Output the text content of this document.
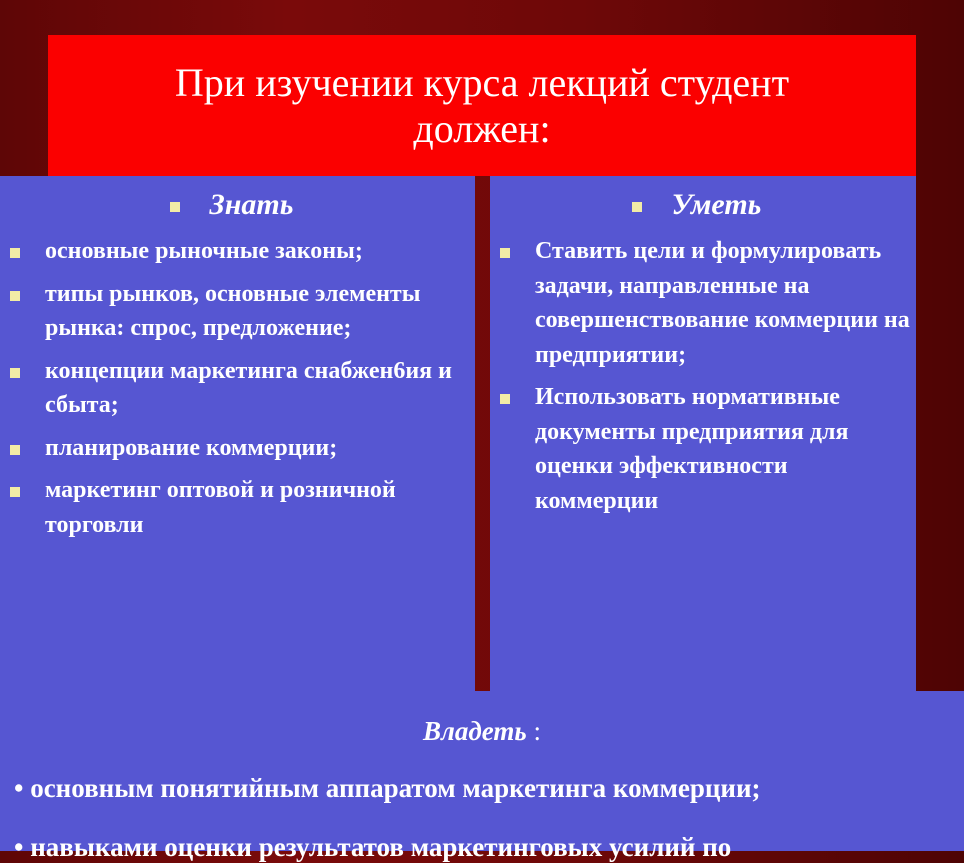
При изучении курса лекций студент должен:
Знать
основные рыночные законы;
типы рынков, основные элементы рынка: спрос, предложение;
концепции маркетинга снабжен6ия и сбыта;
планирование коммерции;
маркетинг оптовой и розничной торговли
Уметь
Ставить цели и формулировать задачи, направленные на совершенствование коммерции на предприятии;
Использовать нормативные документы предприятия для оценки эффективности коммерции
Владеть :
• основным понятийным аппаратом маркетинга коммерции;
• навыками оценки результатов маркетинговых усилий по
